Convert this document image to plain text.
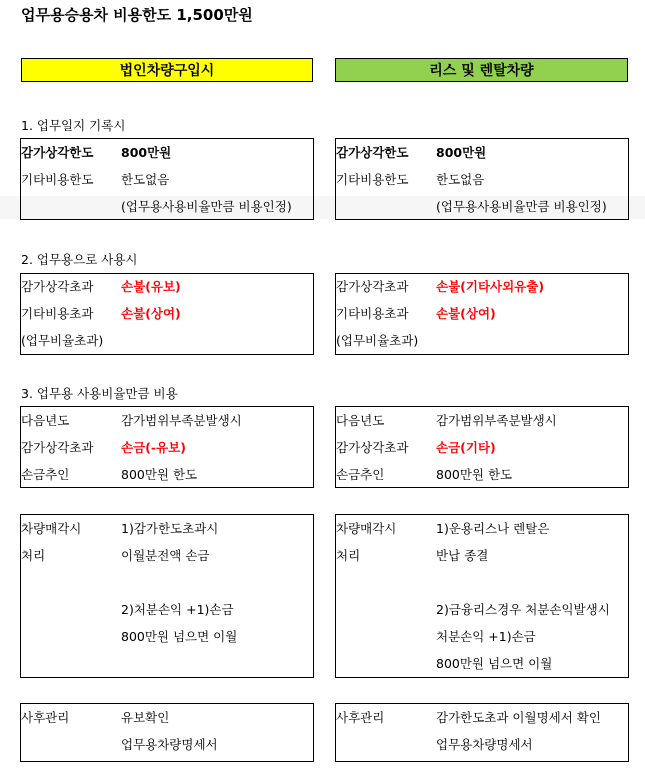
업무용승용차 비용한도 1,500만원
법인차량구입시	리스 및 렌탈차량
1. 업무일지 기록시
감가상각한도 800만원
기타비용한도 한도없음
(업무용사용비율만큼 비용인정)
감가상각한도 800만원
기타비용한도 한도없음
(업무용사용비율만큼 비용인정)
2. 업무용으로 사용시
감가상각초과 손불(유보)
기타비용초과 손불(상여)
(업무비율초과)
감가상각초과 손불(기타사외유출)
기타비용초과 손불(상여)
(업무비율초과)
3. 업무용 사용비율만큼 비용
다음년도	감가범위부족분발생시
감가상각초과 손금(-유보)
손금추인	800만원 한도
다음년도	감가범위부족분발생시
감가상각초과 손금(기타)
손금추인	800만원 한도
차량매각시	1)감가한도초과시
처리	이월분전액 손금
2)처분손익 +1)손금
800만원 넘으면 이월
차량매각시	1)운용리스나 렌탈은
처리	반납 종결
2)금융리스경우 처분손익발생시
처분손익 +1)손금
800만원 넘으면 이월
사후관리	유보확인
업무용차량명세서
사후관리	감가한도초과 이월명세서 확인
업무용차량명세서
